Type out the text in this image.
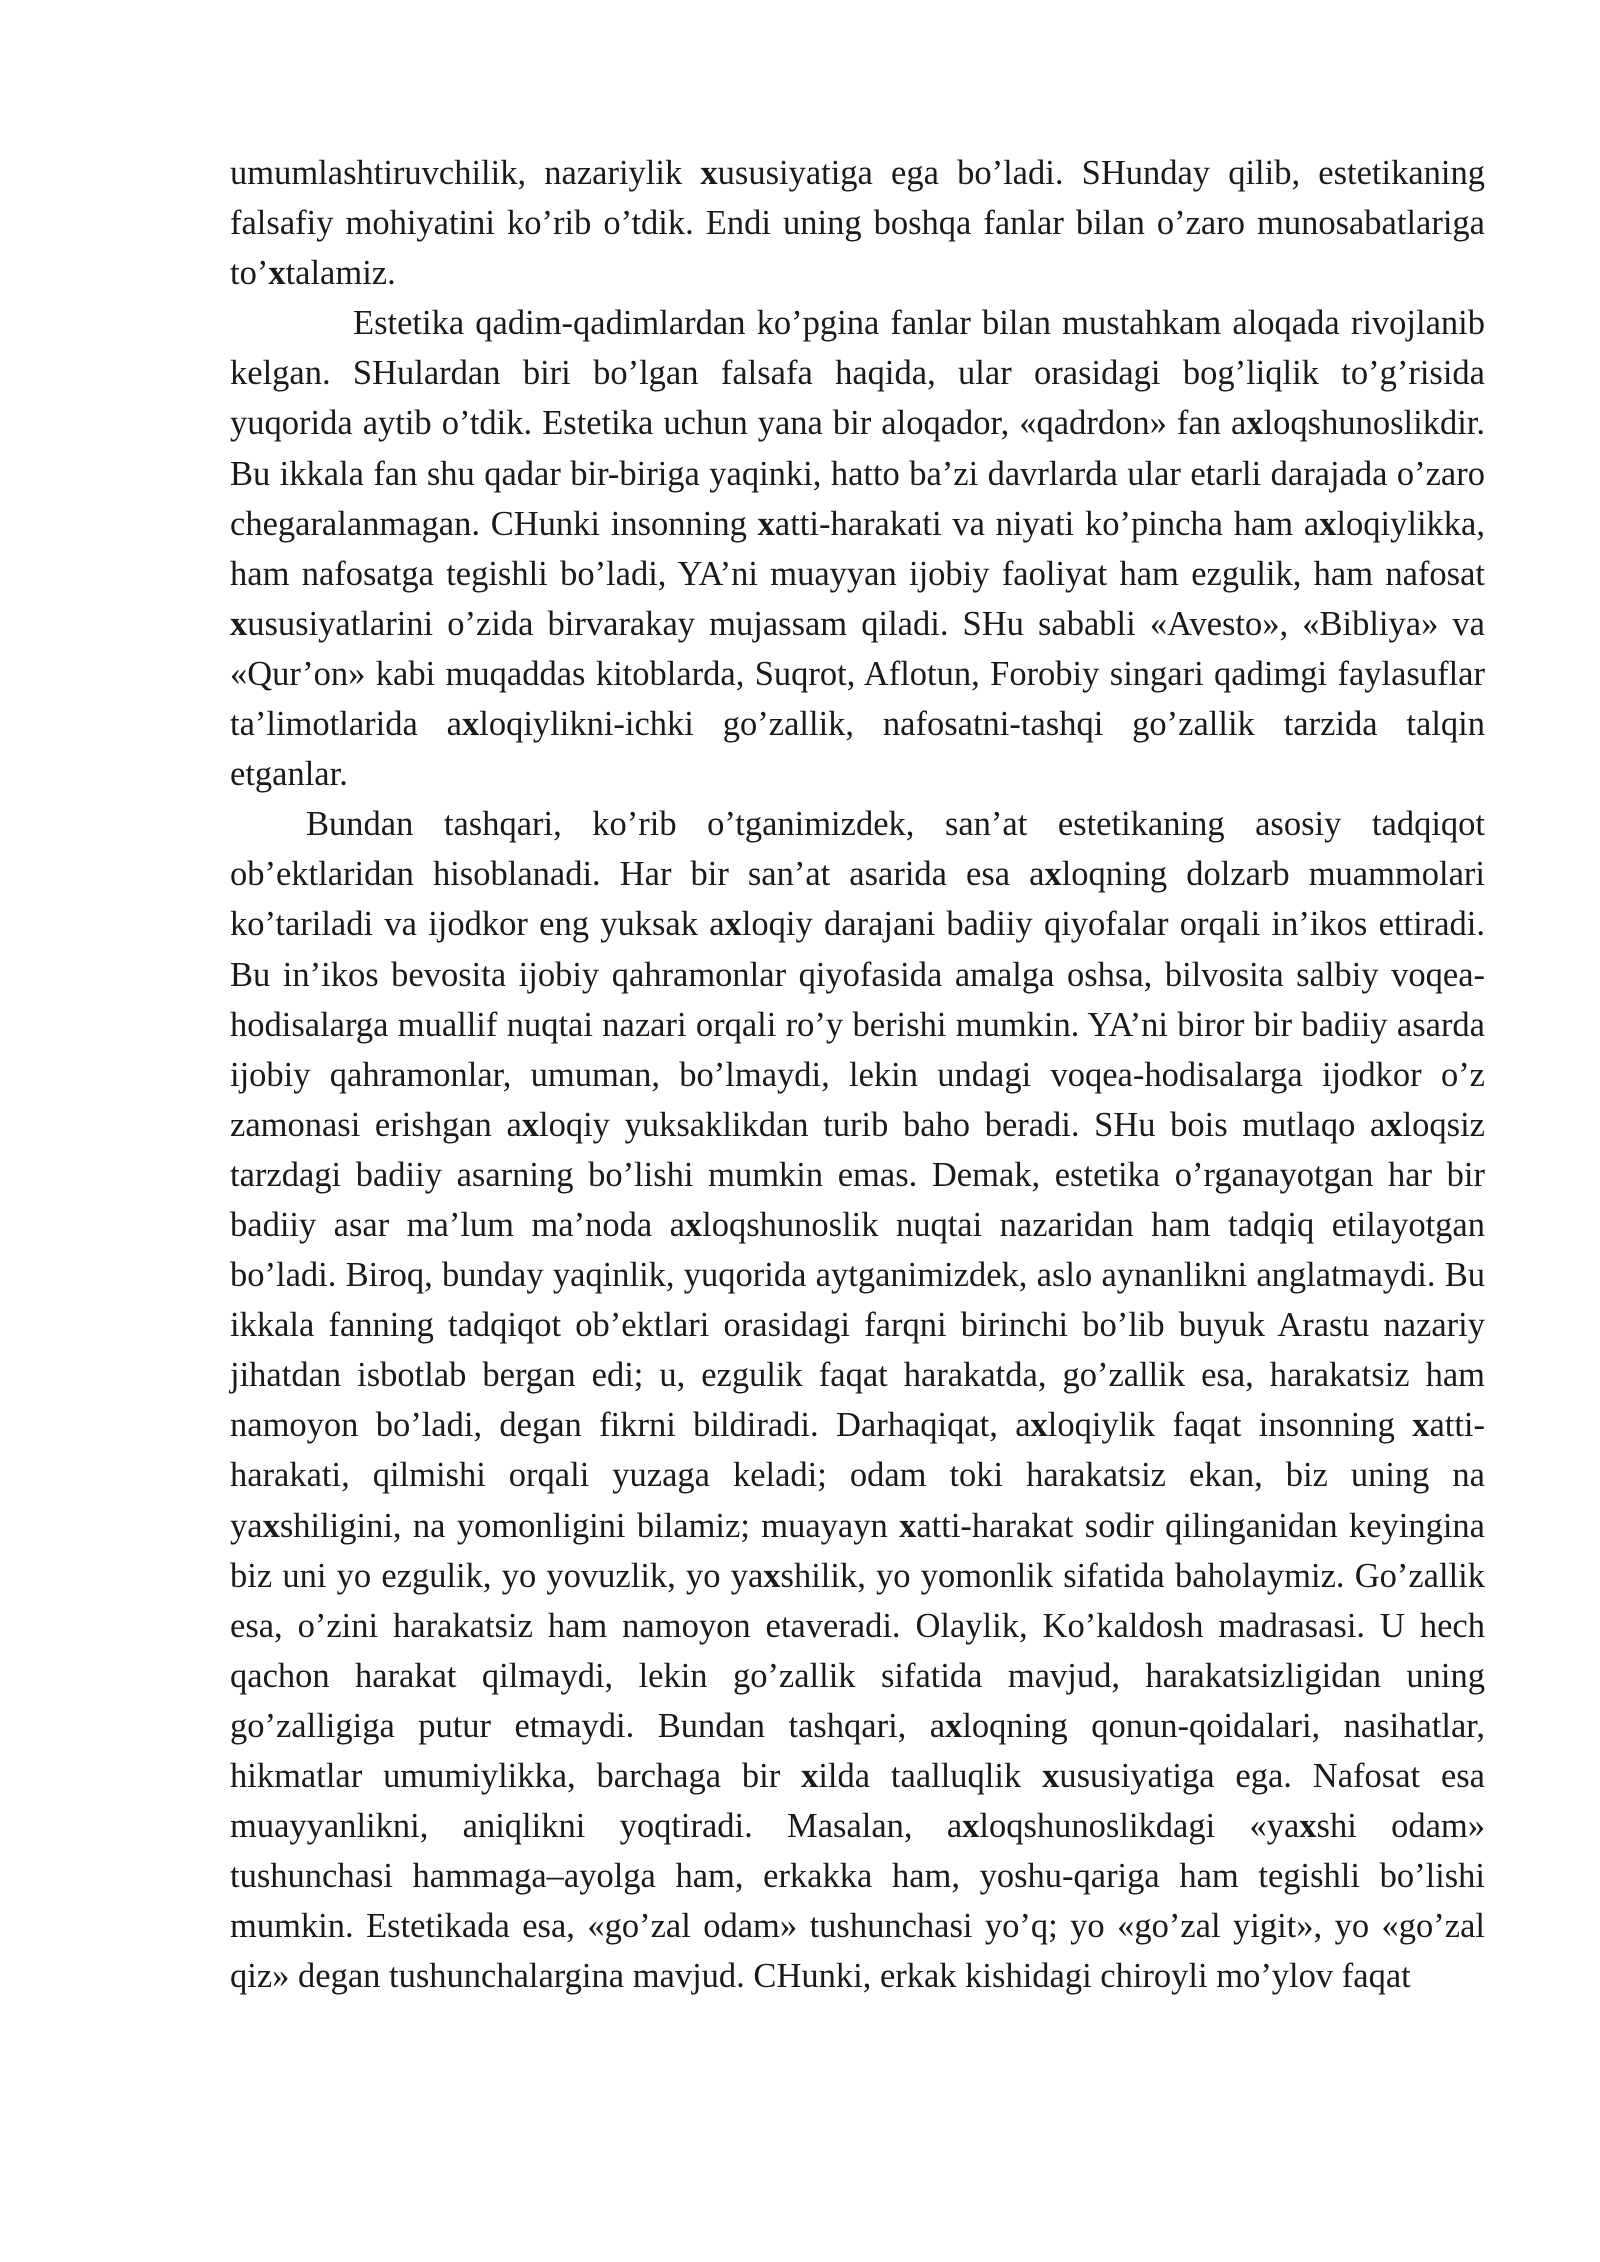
umumlashtiruvchilik, nazariylik xususiyatiga ega bo’ladi. SHunday qilib, estetikaning falsafiy mohiyatini ko’rib o’tdik. Endi uning boshqa fanlar bilan o’zaro munosabatlariga to’xtalamiz.

Estetika qadim-qadimlardan ko’pgina fanlar bilan mustahkam aloqada rivojlanib kelgan. SHulardan biri bo’lgan falsafa haqida, ular orasidagi bog’liqlik to’g’risida yuqorida aytib o’tdik. Estetika uchun yana bir aloqador, «qadrdon» fan axloqshunoslikdir. Bu ikkala fan shu qadar bir-biriga yaqinki, hatto ba’zi davrlarda ular etarli darajada o’zaro chegaralanmagan. CHunki insonning xatti-harakati va niyati ko’pincha ham axloqiylikka, ham nafosatga tegishli bo’ladi, YA’ni muayyan ijobiy faoliyat ham ezgulik, ham nafosat xususiyatlarini o’zida birvarakay mujassam qiladi. SHu sababli «Avesto», «Bibliya» va «Qur’on» kabi muqaddas kitoblarda, Suqrot, Aflotun, Forobiy singari qadimgi faylasuflar ta’limotlarida axloqiylikni-ichki go’zallik, nafosatni-tashqi go’zallik tarzida talqin etganlar.

Bundan tashqari, ko’rib o’tganimizdek, san’at estetikaning asosiy tadqiqot ob’ektlaridan hisoblanadi. Har bir san’at asarida esa axloqning dolzarb muammolari ko’tariladi va ijodkor eng yuksak axloqiy darajani badiiy qiyofalar orqali in’ikos ettiradi. Bu in’ikos bevosita ijobiy qahramonlar qiyofasida amalga oshsa, bilvosita salbiy voqea-hodisalarga muallif nuqtai nazari orqali ro’y berishi mumkin. YA’ni biror bir badiiy asarda ijobiy qahramonlar, umuman, bo’lmaydi, lekin undagi voqea-hodisalarga ijodkor o’z zamonasi erishgan axloqiy yuksaklikdan turib baho beradi. SHu bois mutlaqo axloqsiz tarzdagi badiiy asarning bo’lishi mumkin emas. Demak, estetika o’rganayotgan har bir badiiy asar ma’lum ma’noda axloqshunoslik nuqtai nazaridan ham tadqiq etilayotgan bo’ladi. Biroq, bunday yaqinlik, yuqorida aytganimizdek, aslo aynanlikni anglatmaydi. Bu ikkala fanning tadqiqot ob’ektlari orasidagi farqni birinchi bo’lib buyuk Arastu nazariy jihatdan isbotlab bergan edi; u, ezgulik faqat harakatda, go’zallik esa, harakatsiz ham namoyon bo’ladi, degan fikrni bildiradi. Darhaqiqat, axloqiylik faqat insonning xatti-harakati, qilmishi orqali yuzaga keladi; odam toki harakatsiz ekan, biz uning na yaxshiligini, na yomonligini bilamiz; muayayn xatti-harakat sodir qilinganidan keyingina biz uni yo ezgulik, yo yovuzlik, yo yaxshilik, yo yomonlik sifatida baholaymiz. Go’zallik esa, o’zini harakatsiz ham namoyon etaveradi. Olaylik, Ko’kaldosh madrasasi. U hech qachon harakat qilmaydi, lekin go’zallik sifatida mavjud, harakatsizligidan uning go’zalligiga putur etmaydi. Bundan tashqari, axloqning qonun-qoidalari, nasihatlar, hikmatlar umumiylikka, barchaga bir xilda taalluqlik xususiyatiga ega. Nafosat esa muayyanlikni, aniqlikni yoqtiradi. Masalan, axloqshunoslikdagi «yaxshi odam» tushunchasi hammaga–ayolga ham, erkakka ham, yoshu-qariga ham tegishli bo’lishi mumkin. Estetikada esa, «go’zal odam» tushunchasi yo’q; yo «go’zal yigit», yo «go’zal qiz» degan tushunchalargina mavjud. CHunki, erkak kishidagi chiroyli mo’ylov faqat
